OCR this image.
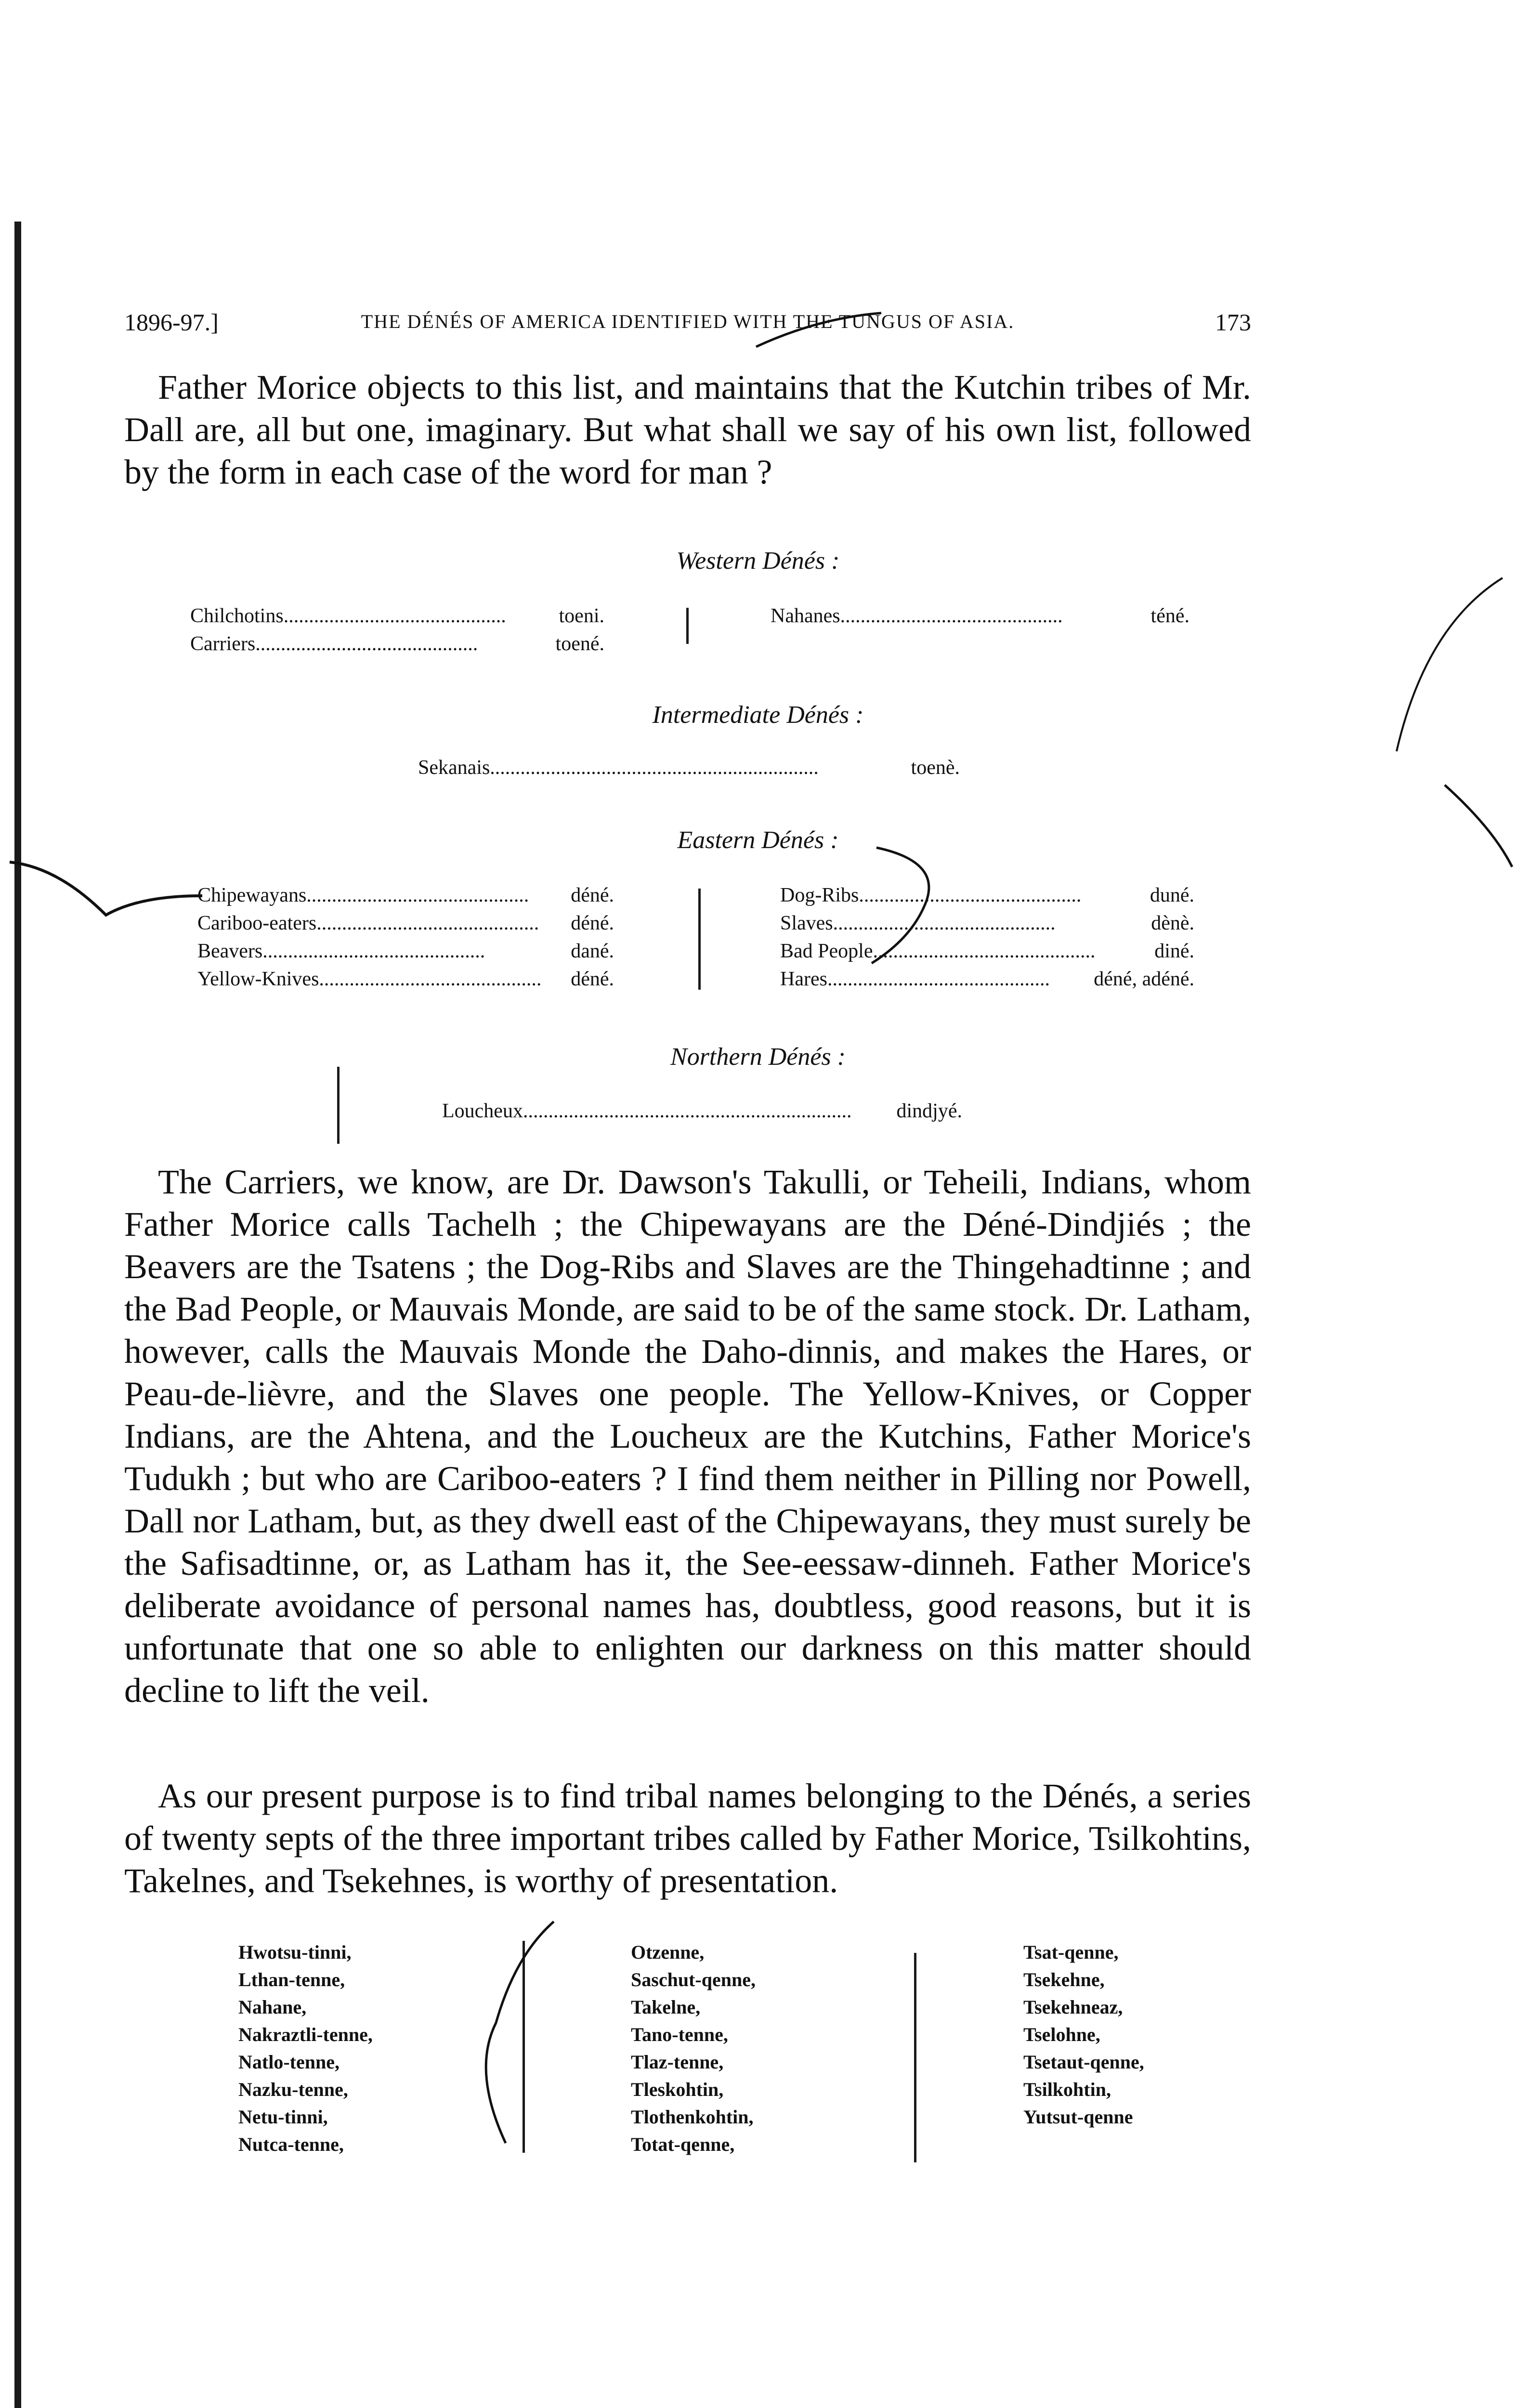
1896-97.]	THE DÉNÉS OF AMERICA IDENTIFIED WITH THE TUNGUS OF ASIA.	173
Father Morice objects to this list, and maintains that the Kutchin tribes of Mr. Dall are, all but one, imaginary. But what shall we say of his own list, followed by the form in each case of the word for man ?
Western Dénés :
Chilchotins ............................................	toeni.
Carriers ............................................	toené.
Nahanes ............................................	téné.
Intermediate Dénés :
Sekanais .................................................................	toenè.
Eastern Dénés :
Chipewayans ............................................	déné.
Cariboo-eaters ............................................	déné.
Beavers ............................................	dané.
Yellow-Knives ............................................	déné.
Dog-Ribs ............................................	duné.
Slaves ............................................	dènè.
Bad People ............................................	diné.
Hares ............................................	déné, adéné.
Northern Dénés :
Loucheux .................................................................	dindjyé.
The Carriers, we know, are Dr. Dawson's Takulli, or Teheili, Indians, whom Father Morice calls Tachelh ; the Chipewayans are the Déné-Dindjiés ; the Beavers are the Tsatens ; the Dog-Ribs and Slaves are the Thingehadtinne ; and the Bad People, or Mauvais Monde, are said to be of the same stock. Dr. Latham, however, calls the Mauvais Monde the Daho-dinnis, and makes the Hares, or Peau-de-lièvre, and the Slaves one people. The Yellow-Knives, or Copper Indians, are the Ahtena, and the Loucheux are the Kutchins, Father Morice's Tudukh ; but who are Cariboo-eaters ? I find them neither in Pilling nor Powell, Dall nor Latham, but, as they dwell east of the Chipewayans, they must surely be the Safisadtinne, or, as Latham has it, the See-eessaw-dinneh. Father Morice's deliberate avoidance of personal names has, doubtless, good reasons, but it is unfortunate that one so able to enlighten our darkness on this matter should decline to lift the veil.
As our present purpose is to find tribal names belonging to the Dénés, a series of twenty septs of the three important tribes called by Father Morice, Tsilkohtins, Takelnes, and Tsekehnes, is worthy of presentation.
Hwotsu-tinni,
Lthan-tenne,
Nahane,
Nakraztli-tenne,
Natlo-tenne,
Nazku-tenne,
Netu-tinni,
Nutca-tenne,
Otzenne,
Saschut-qenne,
Takelne,
Tano-tenne,
Tlaz-tenne,
Tleskohtin,
Tlothenkohtin,
Totat-qenne,
Tsat-qenne,
Tsekehne,
Tsekehneaz,
Tselohne,
Tsetaut-qenne,
Tsilkohtin,
Yutsut-qenne
